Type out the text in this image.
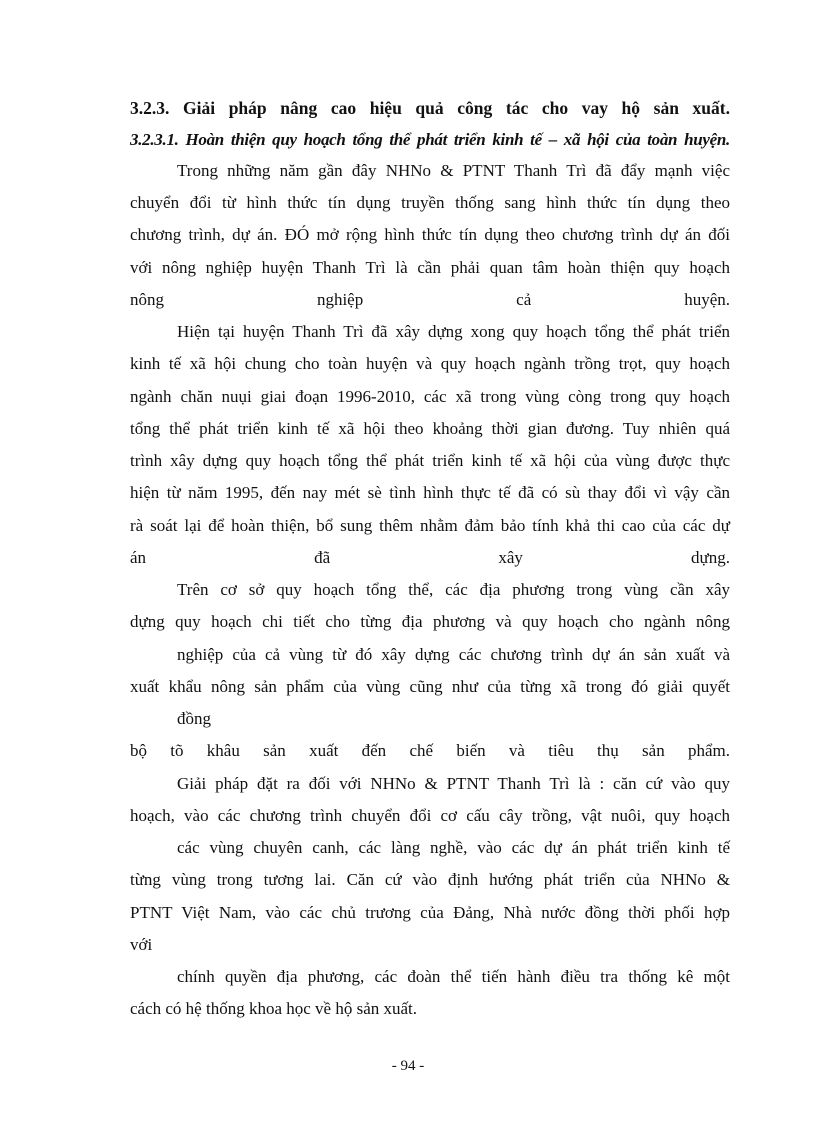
3.2.3. Giải pháp nâng cao hiệu quả công tác cho vay hộ sản xuất.
3.2.3.1. Hoàn thiện quy hoạch tổng thể phát triển kinh tế – xã hội của toàn huyện.
Trong những năm gần đây NHNo & PTNT Thanh Trì đã đẩy mạnh việc
chuyển đổi từ hình thức tín dụng truyền thống sang hình thức tín dụng theo
chương trình, dự án. ĐÓ mở rộng hình thức tín dụng theo chương trình dự án đối
với nông nghiệp huyện Thanh Trì là cần phải quan tâm hoàn thiện quy hoạch
nông nghiệp cả huyện.
Hiện tại huyện Thanh Trì đã xây dựng xong quy hoạch tổng thể phát triển
kinh tế xã hội chung cho toàn huyện và quy hoạch ngành trồng trọt, quy hoạch
ngành chăn nuụi giai đoạn 1996-2010, các xã trong vùng còng trong quy hoạch
tổng thể phát triển kinh tế xã hội theo khoảng thời gian đương. Tuy nhiên quá
trình xây dựng quy hoạch tổng thể phát triển kinh tế xã hội của vùng được thực
hiện từ năm 1995, đến nay mét sè tình hình thực tế đã có sù thay đổi vì vậy cần
rà soát lại để hoàn thiện, bổ sung thêm nhằm đảm bảo tính khả thi cao của các dự
án đã xây dựng.
Trên cơ sở quy hoạch tổng thể, các địa phương trong vùng cần xây
dựng quy hoạch chi tiết cho từng địa phương và quy hoạch cho ngành nông
nghiệp của cả vùng từ đó xây dựng các chương trình dự án sản xuất và
xuất khẩu nông sản phẩm của vùng cũng như của từng xã trong đó giải quyết
đồng
bộ tõ khâu sản xuất đến chế biến và tiêu thụ sản phẩm.
Giải pháp đặt ra đối với NHNo & PTNT Thanh Trì là : căn cứ vào quy
hoạch, vào các chương trình chuyển đổi cơ cấu cây trồng, vật nuôi, quy hoạch
các vùng chuyên canh, các làng nghề, vào các dự án phát triển kinh tế
từng vùng trong tương lai. Căn cứ vào định hướng phát triển của NHNo &
PTNT Việt Nam, vào các chủ trương của Đảng, Nhà nước đồng thời phối hợp
với
chính quyền địa phương, các đoàn thể tiến hành điều tra thống kê một
cách có hệ thống khoa học về hộ sản xuất.
- 94 -
